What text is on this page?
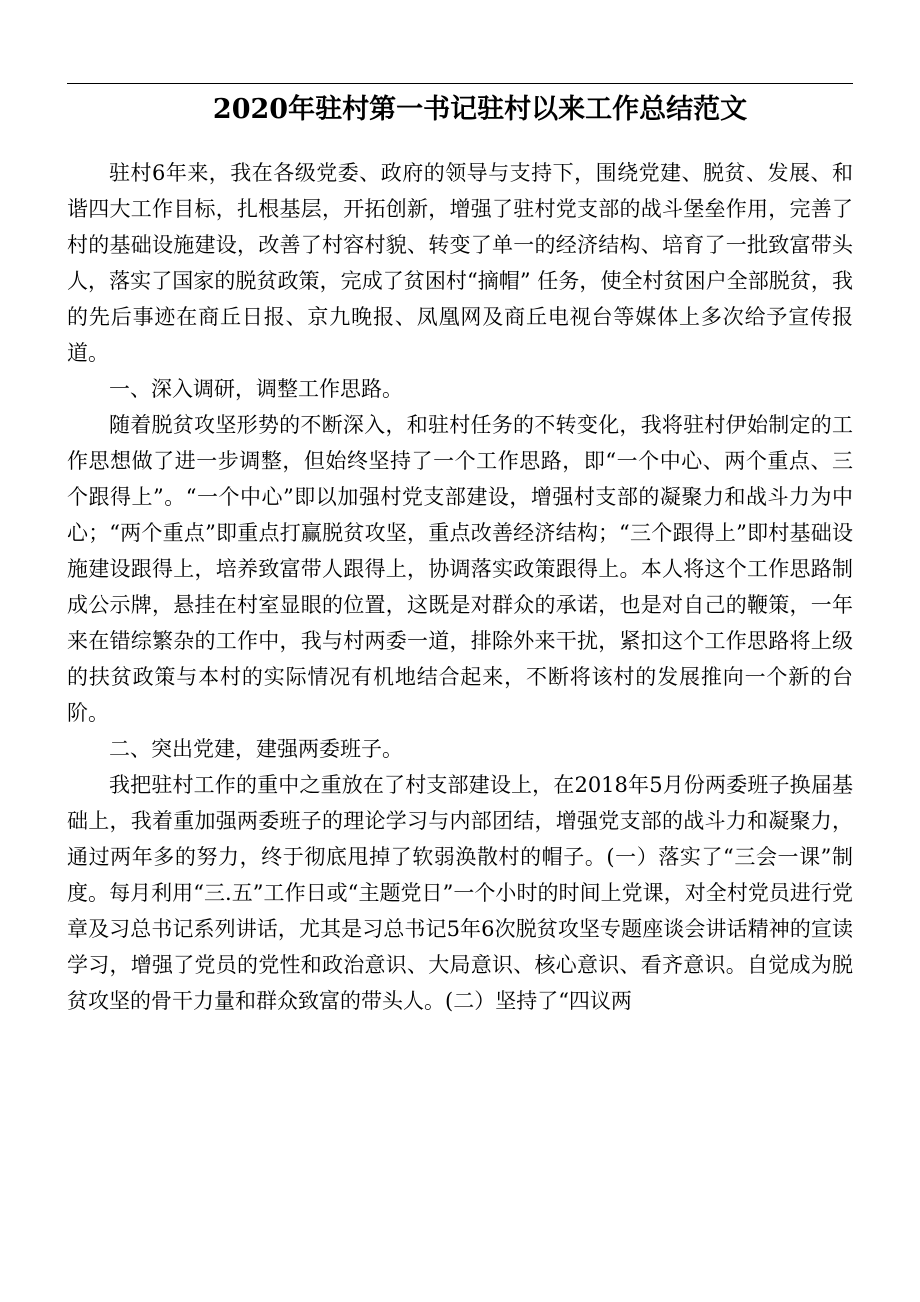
2020年驻村第一书记驻村以来工作总结范文

驻村6年来，我在各级党委、政府的领导与支持下，围绕党建、脱贫、发展、和谐四大工作目标，扎根基层，开拓创新，增强了驻村党支部的战斗堡垒作用，完善了村的基础设施建设，改善了村容村貌、转变了单一的经济结构、培育了一批致富带头人，落实了国家的脱贫政策，完成了贫困村“摘帽” 任务，使全村贫困户全部脱贫，我的先后事迹在商丘日报、京九晚报、凤凰网及商丘电视台等媒体上多次给予宣传报道。

一、深入调研，调整工作思路。

随着脱贫攻坚形势的不断深入，和驻村任务的不转变化，我将驻村伊始制定的工作思想做了进一步调整，但始终坚持了一个工作思路，即“一个中心、两个重点、三个跟得上”。“一个中心”即以加强村党支部建设，增强村支部的凝聚力和战斗力为中心；“两个重点”即重点打赢脱贫攻坚，重点改善经济结构；“三个跟得上”即村基础设施建设跟得上，培养致富带人跟得上，协调落实政策跟得上。本人将这个工作思路制成公示牌，悬挂在村室显眼的位置，这既是对群众的承诺，也是对自己的鞭策，一年来在错综繁杂的工作中，我与村两委一道，排除外来干扰，紧扣这个工作思路将上级的扶贫政策与本村的实际情况有机地结合起来，不断将该村的发展推向一个新的台阶。

二、突出党建，建强两委班子。

我把驻村工作的重中之重放在了村支部建设上，在2018年5月份两委班子换届基础上，我着重加强两委班子的理论学习与内部团结，增强党支部的战斗力和凝聚力，通过两年多的努力，终于彻底甩掉了软弱涣散村的帽子。(一）落实了“三会一课”制度。每月利用“三.五”工作日或“主题党日”一个小时的时间上党课，对全村党员进行党章及习总书记系列讲话，尤其是习总书记5年6次脱贫攻坚专题座谈会讲话精神的宣读学习，增强了党员的党性和政治意识、大局意识、核心意识、看齐意识。自觉成为脱贫攻坚的骨干力量和群众致富的带头人。(二）坚持了“四议两
